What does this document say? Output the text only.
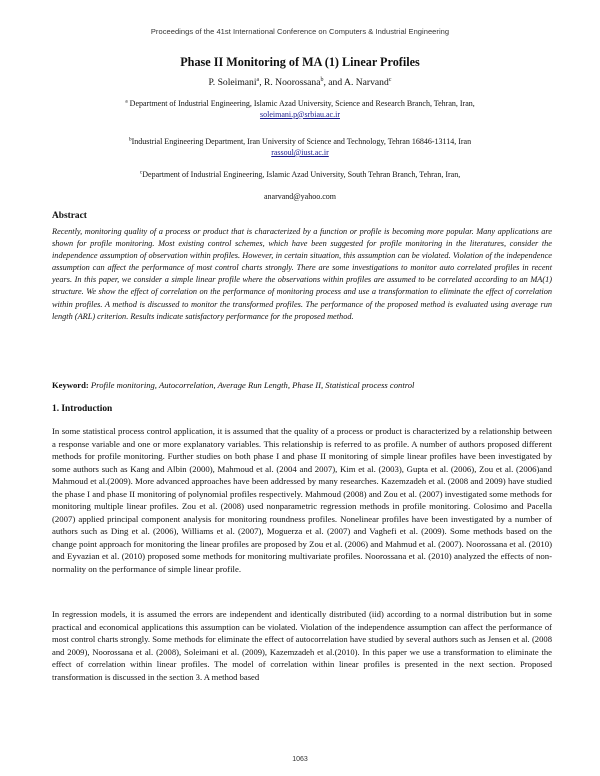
Proceedings of the 41st International Conference on Computers & Industrial Engineering
Phase II Monitoring of MA (1) Linear Profiles
P. Soleimani$^a$, R. Noorossana$^b$, and A. Narvand$^c$
$^a$ Department of Industrial Engineering, Islamic Azad University, Science and Research Branch, Tehran, Iran,
soleimani.p@srbiau.ac.ir
$^b$Industrial Engineering Department, Iran University of Science and Technology, Tehran 16846-13114, Iran
rassoul@iust.ac.ir
$^c$Department of Industrial Engineering, Islamic Azad University, South Tehran Branch, Tehran, Iran,
anarvand@yahoo.com
Abstract

Recently, monitoring quality of a process or product that is characterized by a function or profile is becoming more popular. Many applications are shown for profile monitoring. Most existing control schemes, which have been suggested for profile monitoring in the literatures, consider the independence assumption of observation within profiles. However, in certain situation, this assumption can be violated. Violation of the independence assumption can affect the performance of most control charts strongly. There are some investigations to monitor auto correlated profiles in recent years. In this paper, we consider a simple linear profile where the observations within profiles are assumed to be correlated according to an MA(1) structure. We show the effect of correlation on the performance of monitoring process and use a transformation to eliminate the effect of correlation within profiles. A method is discussed to monitor the transformed profiles. The performance of the proposed method is evaluated using average run length (ARL) criterion. Results indicate satisfactory performance for the proposed method.

Keyword: Profile monitoring, Autocorrelation, Average Run Length, Phase II, Statistical process control
1. Introduction

In some statistical process control application, it is assumed that the quality of a process or product is characterized by a relationship between a response variable and one or more explanatory variables. This relationship is referred to as profile. A number of authors proposed different methods for profile monitoring. Further studies on both phase I and phase II monitoring of simple linear profiles have been investigated by some authors such as Kang and Albin (2000), Mahmoud et al. (2004 and 2007), Kim et al. (2003), Gupta et al. (2006), Zou et al. (2006)and Mahmoud et al.(2009). More advanced approaches have been addressed by many researches. Kazemzadeh et al. (2008 and 2009) have studied the phase I and phase II monitoring of polynomial profiles respectively. Mahmoud (2008) and Zou et al. (2007) investigated some methods for monitoring multiple linear profiles. Zou et al. (2008) used nonparametric regression methods in profile monitoring. Colosimo and Pacella (2007) applied principal component analysis for monitoring roundness profiles. Nonelinear profiles have been investigated by a number of authors such as Ding et al. (2006), Williams et al. (2007), Moguerza et al. (2007) and Vaghefi et al. (2009). Some methods based on the change point approach for monitoring the linear profiles are proposed by Zou et al. (2006) and Mahmud et al. (2007). Noorossana et al. (2010) and Eyvazian et al. (2010) proposed some methods for monitoring multivariate profiles. Noorossana et al. (2010) analyzed the effects of non-normality on the performance of simple linear profile.

In regression models, it is assumed the errors are independent and identically distributed (iid) according to a normal distribution but in some practical and economical applications this assumption can be violated. Violation of the independence assumption can affect the performance of most control charts strongly. Some methods for eliminate the effect of autocorrelation have studied by several authors such as Jensen et al. (2008 and 2009), Noorossana et al. (2008), Soleimani et al. (2009), Kazemzadeh et al.(2010). In this paper we use a transformation to eliminate the effect of correlation within linear profiles. The model of correlation within linear profiles is presented in the next section. Proposed transformation is discussed in the section 3. A method based

1063
